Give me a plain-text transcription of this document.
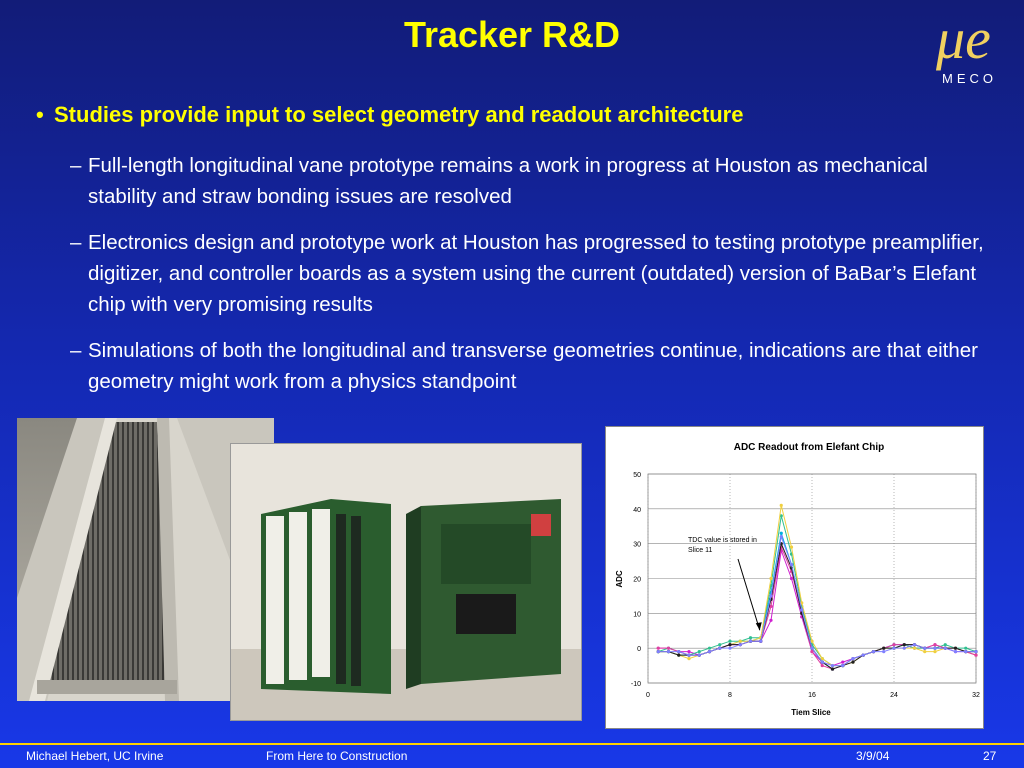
Tracker R&D	μe
MECO
• Studies provide input to select geometry and readout architecture
– Full-length longitudinal vane prototype remains a work in progress at Houston as mechanical stability and straw bonding issues are resolved
– Electronics design and prototype work at Houston has progressed to testing prototype preamplifier, digitizer, and controller boards as a system using the current (outdated) version of BaBar’s Elefant chip with very promising results
– Simulations of both the longitudinal and transverse geometries continue, indications are that either geometry might work from a physics standpoint
ADC Readout from Elefant Chip
ADC
Tiem Slice
TDC value is stored in
Slice 11
-10
0
10
20
30
40
50
0	8	16	24	32
Michael Hebert, UC Irvine	From Here to Construction	3/9/04	27
